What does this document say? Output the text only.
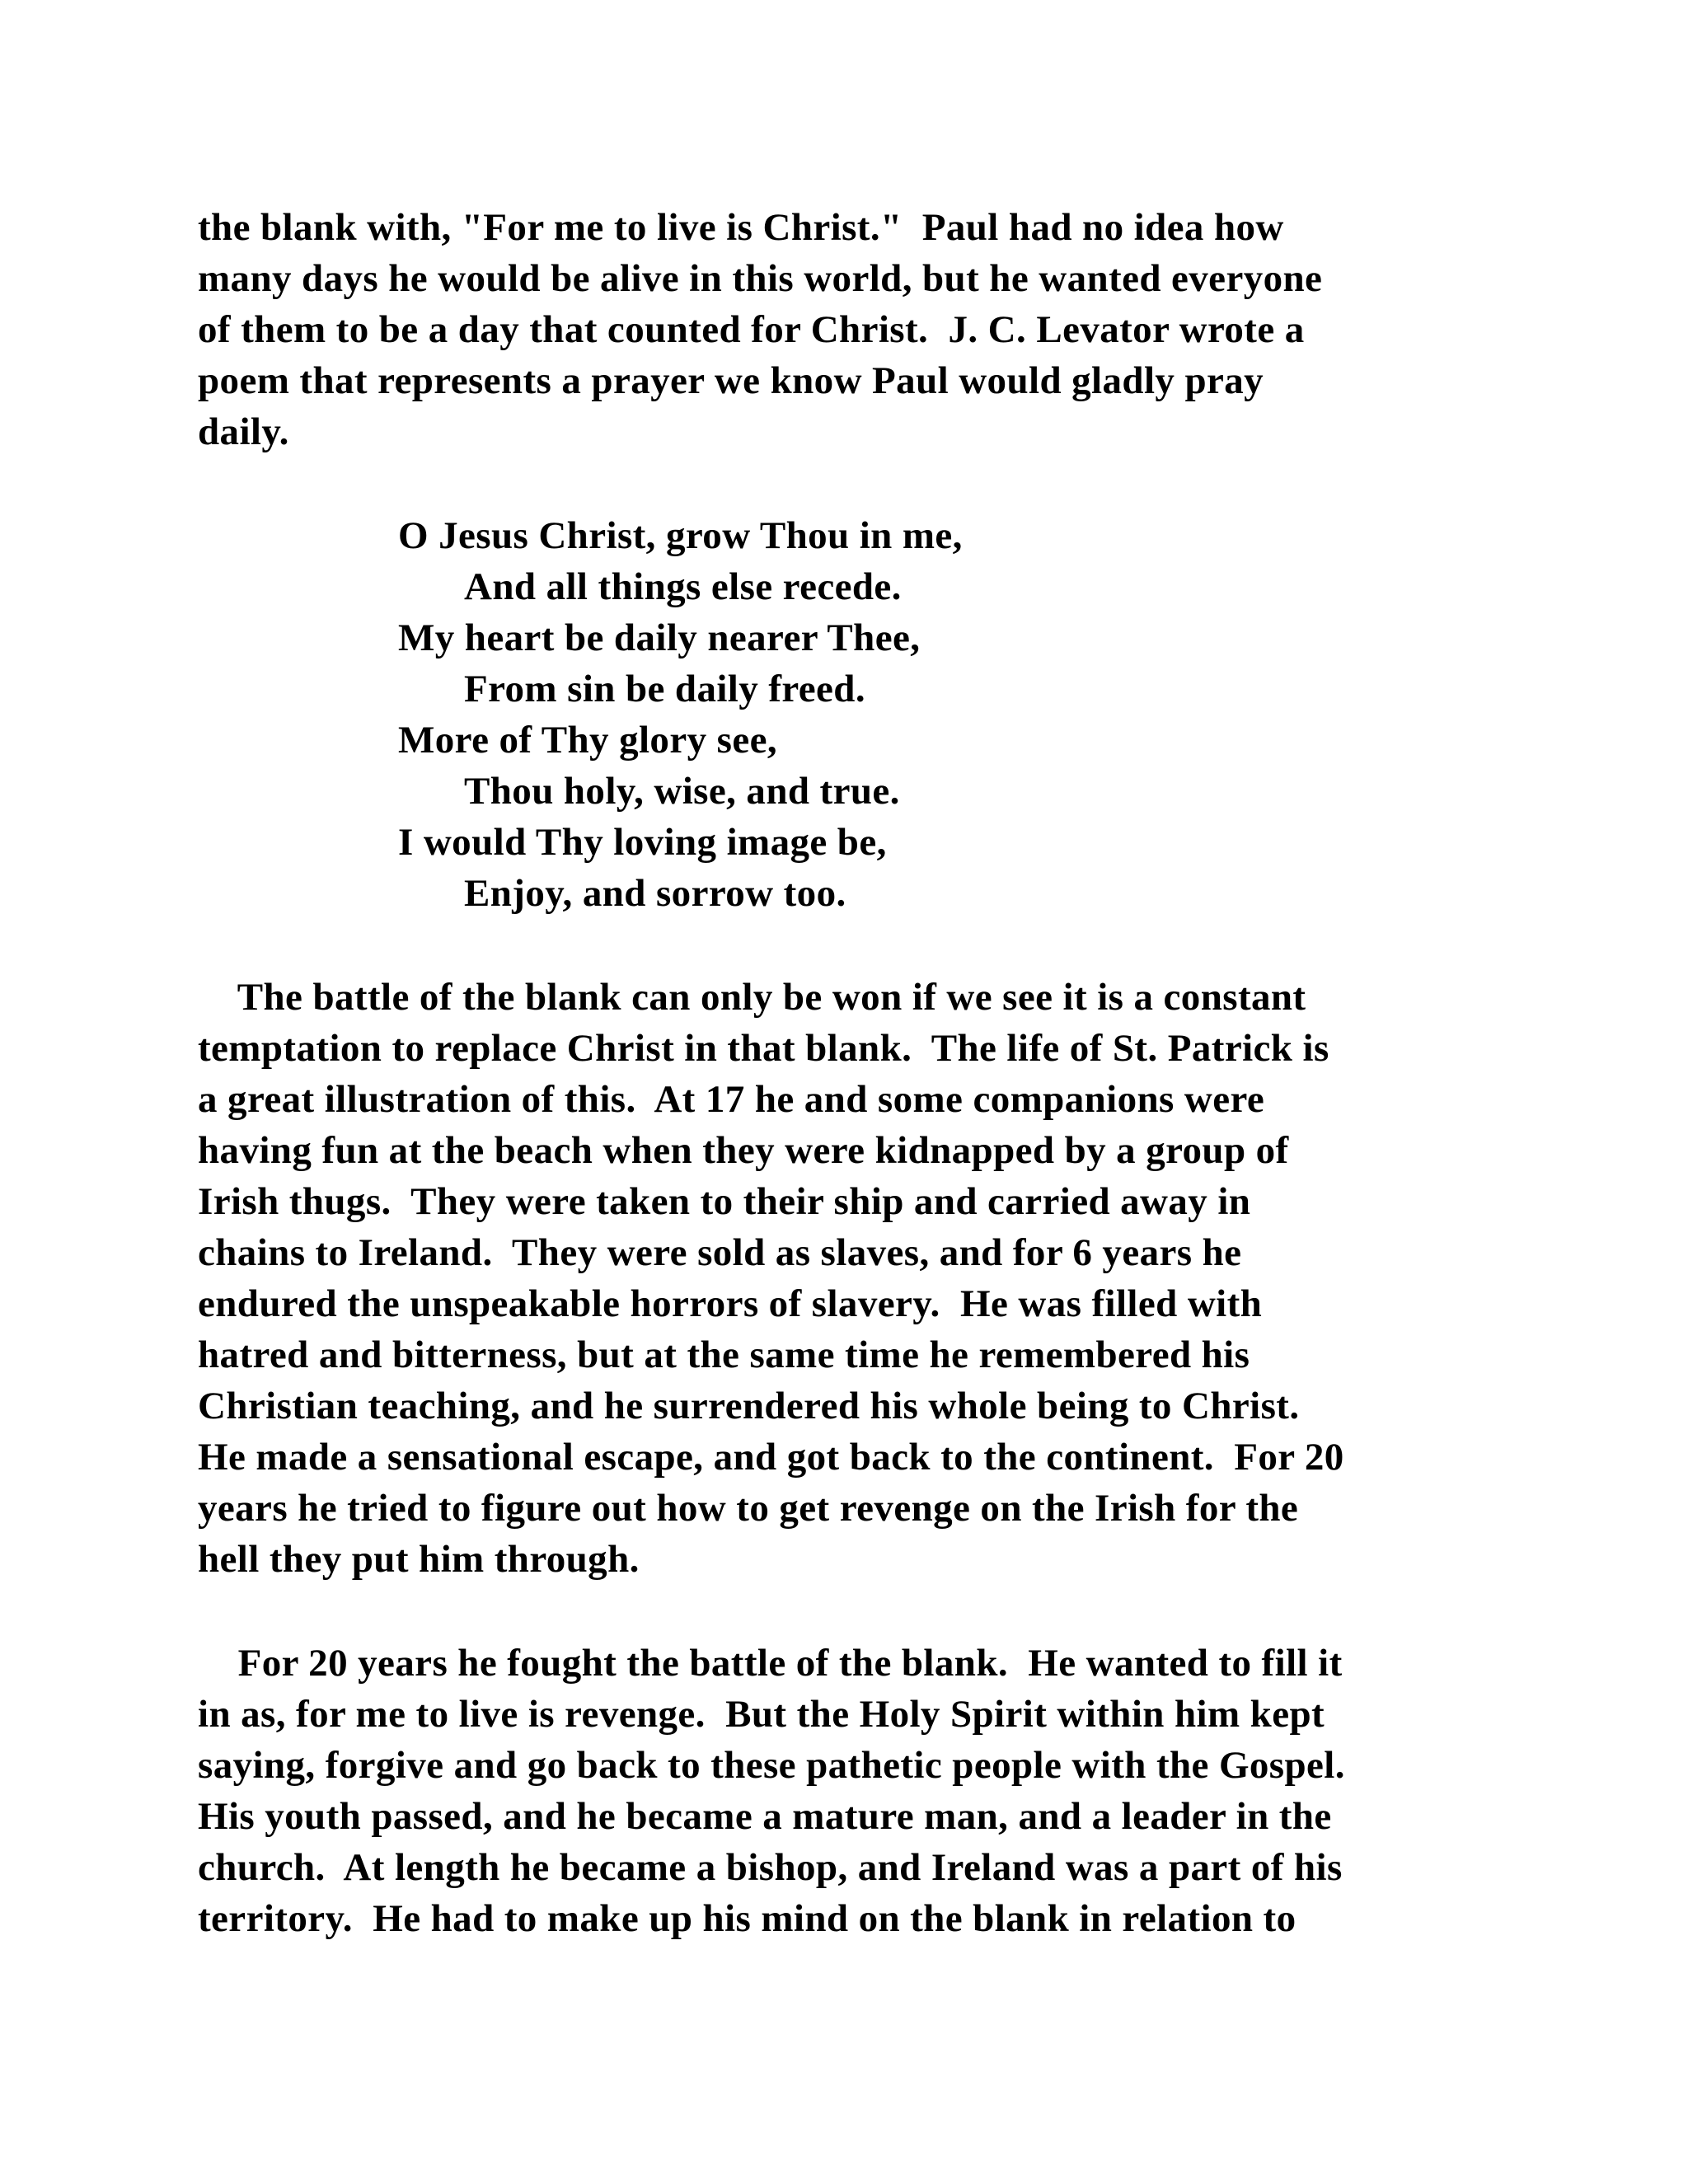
the blank with, "For me to live is Christ."  Paul had no idea how
many days he would be alive in this world, but he wanted everyone
of them to be a day that counted for Christ.  J. C. Levator wrote a
poem that represents a prayer we know Paul would gladly pray
daily.
O Jesus Christ, grow Thou in me,
And all things else recede.
My heart be daily nearer Thee,
From sin be daily freed.
More of Thy glory see,
Thou holy, wise, and true.
I would Thy loving image be,
Enjoy, and sorrow too.
The battle of the blank can only be won if we see it is a constant
temptation to replace Christ in that blank.  The life of St. Patrick is
a great illustration of this.  At 17 he and some companions were
having fun at the beach when they were kidnapped by a group of
Irish thugs.  They were taken to their ship and carried away in
chains to Ireland.  They were sold as slaves, and for 6 years he
endured the unspeakable horrors of slavery.  He was filled with
hatred and bitterness, but at the same time he remembered his
Christian teaching, and he surrendered his whole being to Christ.
He made a sensational escape, and got back to the continent.  For 20
years he tried to figure out how to get revenge on the Irish for the
hell they put him through.
For 20 years he fought the battle of the blank.  He wanted to fill it
in as, for me to live is revenge.  But the Holy Spirit within him kept
saying, forgive and go back to these pathetic people with the Gospel.
His youth passed, and he became a mature man, and a leader in the
church.  At length he became a bishop, and Ireland was a part of his
territory.  He had to make up his mind on the blank in relation to
